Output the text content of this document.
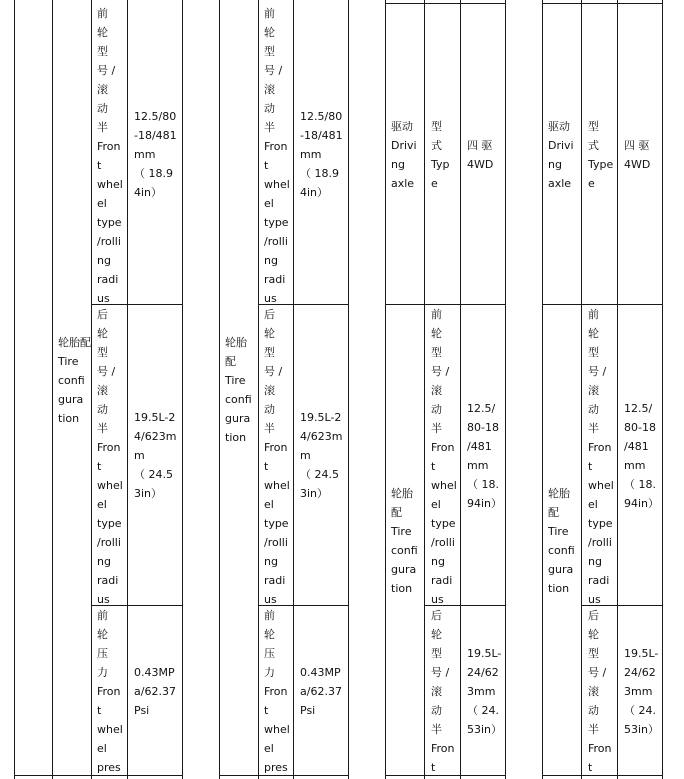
轮胎配
Tire
confi
gura
tion
前
轮
型
号 /
滚
动
半
Fron
t
whel
el
type
/rolli
ng
radi
us
12.5/80
-18/481
mm
（ 18.9
4in）
后
轮
型
号 /
滚
动
半
Fron
t
whel
el
type
/rolli
ng
radi
us
19.5L-2
4/623m
m
（ 24.5
3in）
前
轮
压
力
Fron
t
whel
el
pres
0.43MP
a/62.37
Psi
轮胎
配
Tire
confi
gura
tion
前
轮
型
号 /
滚
动
半
Fron
t
whel
el
type
/rolli
ng
radi
us
12.5/80
-18/481
mm
（ 18.9
4in）
后
轮
型
号 /
滚
动
半
Fron
t
whel
el
type
/rolli
ng
radi
us
19.5L-2
4/623m
m
（ 24.5
3in）
前
轮
压
力
Fron
t
whel
el
pres
0.43MP
a/62.37
Psi
驱动
Drivi
ng
axle
型
式
Typ
e
四 驱
4WD
轮胎
配
Tire
confi
gura
tion
前
轮
型
号 /
滚
动
半
Fron
t
whel
el
type
/rolli
ng
radi
us
12.5/
80-18
/481
mm
（ 18.
94in）
后
轮
型
号 /
滚
动
半
Fron
t
19.5L-
24/62
3mm
（ 24.
53in）
驱动
Drivi
ng
axle
型
式
Type
e
四 驱
4WD
轮胎
配
Tire
confi
gura
tion
前
轮
型
号 /
滚
动
半
Fron
t
whel
el
type
/rolli
ng
radi
us
12.5/
80-18
/481
mm
（ 18.
94in）
后
轮
型
号 /
滚
动
半
Fron
t
19.5L-
24/62
3mm
（ 24.
53in）
